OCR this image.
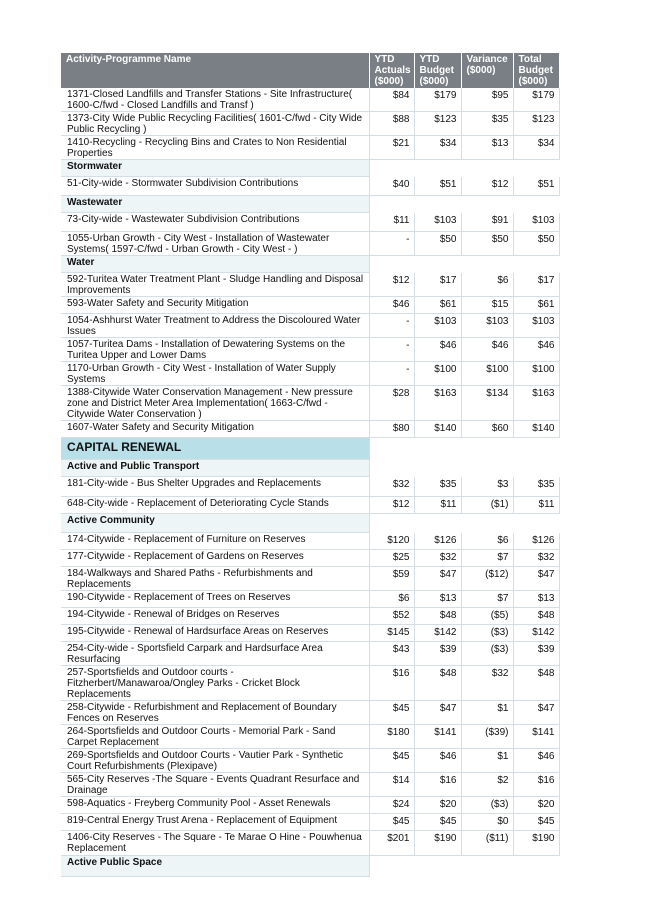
Activity-Programme Name	YTD Actuals ($000)	YTD Budget ($000)	Variance ($000)	Total Budget ($000)
1371-Closed Landfills and Transfer Stations - Site Infrastructure( 1600-C/fwd - Closed Landfills and Transf )	$84	$179	$95	$179
1373-City Wide Public Recycling Facilities( 1601-C/fwd - City Wide Public Recycling )	$88	$123	$35	$123
1410-Recycling - Recycling Bins and Crates to Non Residential Properties	$21	$34	$13	$34
Stormwater				
51-City-wide - Stormwater Subdivision Contributions	$40	$51	$12	$51
Wastewater				
73-City-wide - Wastewater Subdivision Contributions	$11	$103	$91	$103
1055-Urban Growth - City West - Installation of Wastewater Systems( 1597-C/fwd - Urban Growth - City West - )	-	$50	$50	$50
Water				
592-Turitea Water Treatment Plant - Sludge Handling and Disposal Improvements	$12	$17	$6	$17
593-Water Safety and Security Mitigation	$46	$61	$15	$61
1054-Ashhurst Water Treatment to Address the Discoloured Water Issues	-	$103	$103	$103
1057-Turitea Dams - Installation of Dewatering Systems on the Turitea Upper and Lower Dams	-	$46	$46	$46
1170-Urban Growth - City West - Installation of Water Supply Systems	-	$100	$100	$100
1388-Citywide Water Conservation Management - New pressure zone and District Meter Area Implementation( 1663-C/fwd - Citywide Water Conservation )	$28	$163	$134	$163
1607-Water Safety and Security Mitigation	$80	$140	$60	$140
CAPITAL RENEWAL				
Active and Public Transport				
181-City-wide - Bus Shelter Upgrades and Replacements	$32	$35	$3	$35
648-City-wide - Replacement of Deteriorating Cycle Stands	$12	$11	($1)	$11
Active Community				
174-Citywide - Replacement of Furniture on Reserves	$120	$126	$6	$126
177-Citywide - Replacement of Gardens on Reserves	$25	$32	$7	$32
184-Walkways and Shared Paths - Refurbishments and Replacements	$59	$47	($12)	$47
190-Citywide - Replacement of Trees on Reserves	$6	$13	$7	$13
194-Citywide - Renewal of Bridges on Reserves	$52	$48	($5)	$48
195-Citywide - Renewal of Hardsurface Areas on Reserves	$145	$142	($3)	$142
254-City-wide - Sportsfield Carpark and Hardsurface Area Resurfacing	$43	$39	($3)	$39
257-Sportsfields and Outdoor courts - Fitzherbert/Manawaroa/Ongley Parks - Cricket Block Replacements	$16	$48	$32	$48
258-Citywide - Refurbishment and Replacement of Boundary Fences on Reserves	$45	$47	$1	$47
264-Sportsfields and Outdoor Courts - Memorial Park - Sand Carpet Replacement	$180	$141	($39)	$141
269-Sportsfields and Outdoor Courts - Vautier Park - Synthetic Court Refurbishments (Plexipave)	$45	$46	$1	$46
565-City Reserves -The Square - Events Quadrant Resurface and Drainage	$14	$16	$2	$16
598-Aquatics - Freyberg Community Pool - Asset Renewals	$24	$20	($3)	$20
819-Central Energy Trust Arena - Replacement of Equipment	$45	$45	$0	$45
1406-City Reserves - The Square - Te Marae O Hine - Pouwhenua Replacement	$201	$190	($11)	$190
Active Public Space				
